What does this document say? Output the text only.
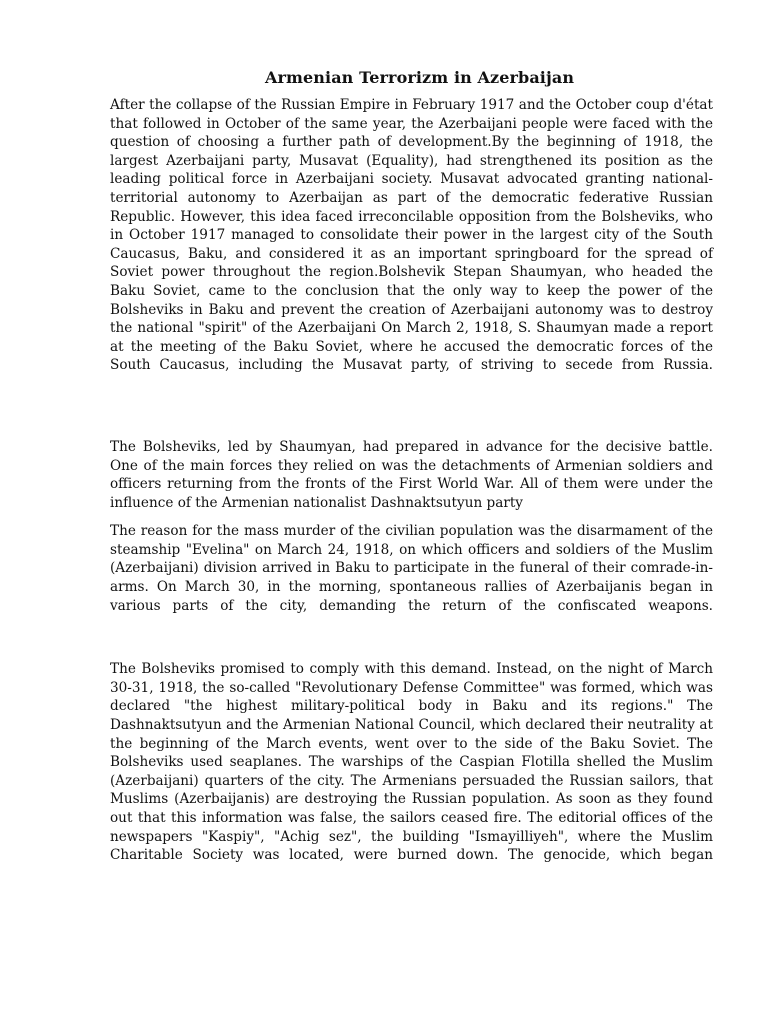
Armenian Terrorizm in Azerbaijan

After the collapse of the Russian Empire in February 1917 and the October coup d'état that followed in October of the same year, the Azerbaijani people were faced with the question of choosing a further path of development.By the beginning of 1918, the largest Azerbaijani party, Musavat (Equality), had strengthened its position as the leading political force in Azerbaijani society. Musavat advocated granting national-territorial autonomy to Azerbaijan as part of the democratic federative Russian Republic. However, this idea faced irreconcilable opposition from the Bolsheviks, who in October 1917 managed to consolidate their power in the largest city of the South Caucasus, Baku, and considered it as an important springboard for the spread of Soviet power throughout the region.Bolshevik Stepan Shaumyan, who headed the Baku Soviet, came to the conclusion that the only way to keep the power of the Bolsheviks in Baku and prevent the creation of Azerbaijani autonomy was to destroy the national "spirit" of the Azerbaijani On March 2, 1918, S. Shaumyan made a report at the meeting of the Baku Soviet, where he accused the democratic forces of the South Caucasus, including the Musavat party, of striving to secede from Russia.

The Bolsheviks, led by Shaumyan, had prepared in advance for the decisive battle. One of the main forces they relied on was the detachments of Armenian soldiers and officers returning from the fronts of the First World War. All of them were under the influence of the Armenian nationalist Dashnaktsutyun party

The reason for the mass murder of the civilian population was the disarmament of the steamship "Evelina" on March 24, 1918, on which officers and soldiers of the Muslim (Azerbaijani) division arrived in Baku to participate in the funeral of their comrade-in-arms. On March 30, in the morning, spontaneous rallies of Azerbaijanis began in various parts of the city, demanding the return of the confiscated weapons.

The Bolsheviks promised to comply with this demand. Instead, on the night of March 30-31, 1918, the so-called "Revolutionary Defense Committee" was formed, which was declared "the highest military-political body in Baku and its regions." The Dashnaktsutyun and the Armenian National Council, which declared their neutrality at the beginning of the March events, went over to the side of the Baku Soviet. The Bolsheviks used seaplanes. The warships of the Caspian Flotilla shelled the Muslim (Azerbaijani) quarters of the city. The Armenians persuaded the Russian sailors, that Muslims (Azerbaijanis) are destroying the Russian population. As soon as they found out that this information was false, the sailors ceased fire. The editorial offices of the newspapers "Kaspiy", "Achig sez", the building "Ismayilliyeh", where the Muslim Charitable Society was located, were burned down. The genocide, which began
